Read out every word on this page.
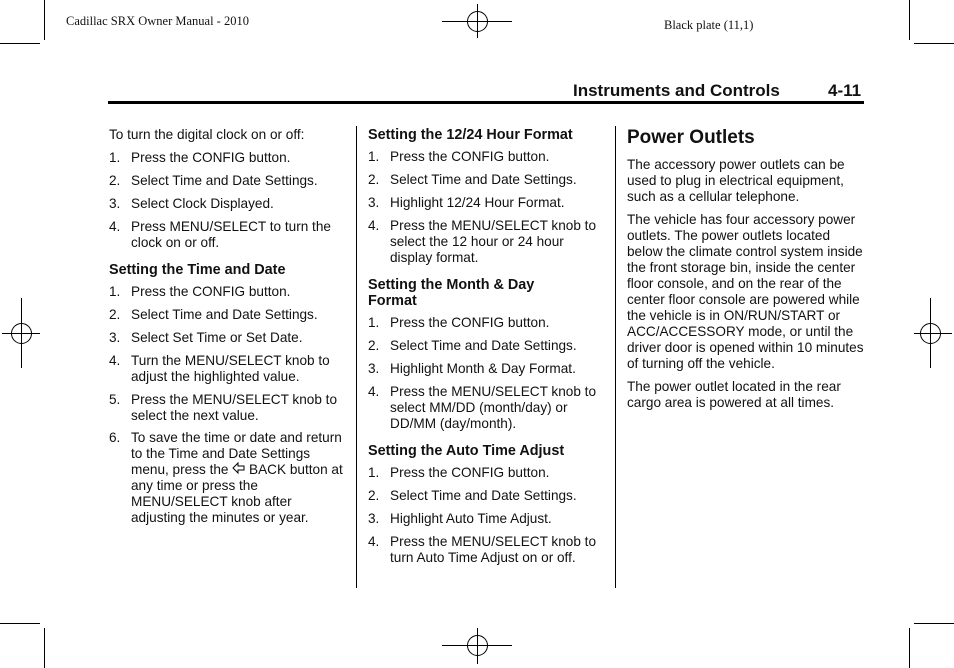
Cadillac SRX Owner Manual - 2010	Black plate (11,1)
Instruments and Controls	4-11

To turn the digital clock on or off:

1. Press the CONFIG button.
2. Select Time and Date Settings.
3. Select Clock Displayed.
4. Press MENU/SELECT to turn the clock on or off.
Setting the Time and Date
1. Press the CONFIG button.
2. Select Time and Date Settings.
3. Select Set Time or Set Date.
4. Turn the MENU/SELECT knob to adjust the highlighted value.
5. Press the MENU/SELECT knob to select the next value.
6. To save the time or date and return to the Time and Date Settings menu, press the BACK button at any time or press the MENU/SELECT knob after adjusting the minutes or year.
Setting the 12/24 Hour Format
1. Press the CONFIG button.
2. Select Time and Date Settings.
3. Highlight 12/24 Hour Format.
4. Press the MENU/SELECT knob to select the 12 hour or 24 hour display format.
Setting the Month & Day Format
1. Press the CONFIG button.
2. Select Time and Date Settings.
3. Highlight Month & Day Format.
4. Press the MENU/SELECT knob to select MM/DD (month/day) or DD/MM (day/month).
Setting the Auto Time Adjust
1. Press the CONFIG button.
2. Select Time and Date Settings.
3. Highlight Auto Time Adjust.
4. Press the MENU/SELECT knob to turn Auto Time Adjust on or off.
Power Outlets

The accessory power outlets can be used to plug in electrical equipment, such as a cellular telephone.

The vehicle has four accessory power outlets. The power outlets located below the climate control system inside the front storage bin, inside the center floor console, and on the rear of the center floor console are powered while the vehicle is in ON/RUN/START or ACC/ACCESSORY mode, or until the driver door is opened within 10 minutes of turning off the vehicle.

The power outlet located in the rear cargo area is powered at all times.
